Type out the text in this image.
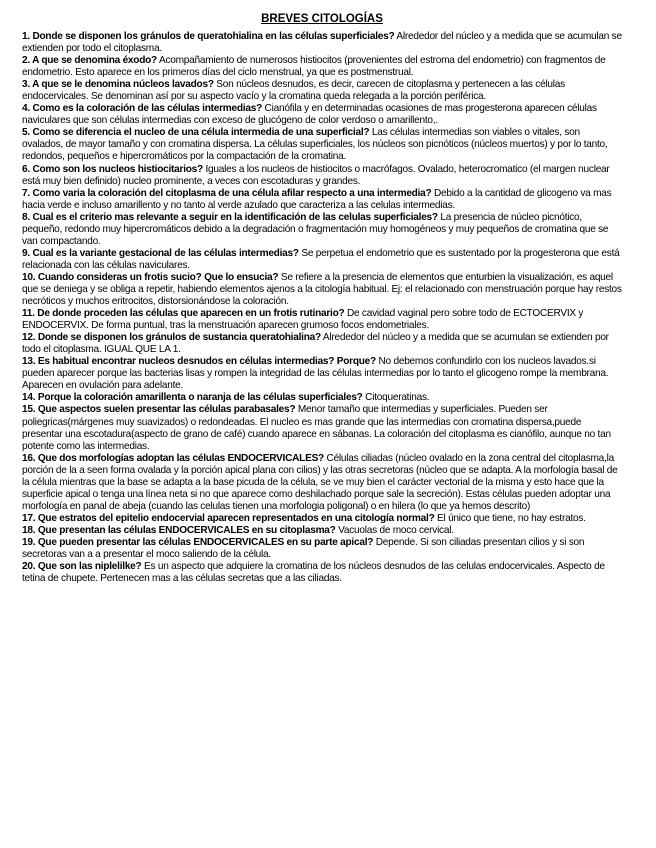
BREVES CITOLOGÍAS

1. Donde se disponen los gránulos de queratohialina en las células superficiales? Alrededor del núcleo y a medida que se acumulan se extienden por todo el citoplasma.

2. A que se denomina éxodo? Acompañamiento de numerosos histiocitos (provenientes del estroma del endometrio) con fragmentos de endometrio. Esto aparece en los primeros días del ciclo menstrual, ya que es postmenstrual.

3. A que se le denomina núcleos lavados? Son núcleos desnudos, es decir, carecen de citoplasma y pertenecen a las células endocervicales. Se denominan así por su aspecto vacío y la cromatina queda relegada a la porción periférica.

4. Como es la coloración de las células intermedias? Cianófila y en determinadas ocasiones de mas progesterona aparecen células naviculares que son células intermedias con exceso de glucógeno de color verdoso o amarillento,.

5. Como se diferencia el nucleo de una célula intermedia de una superficial? Las células intermedias son viables o vitales, son ovalados, de mayor tamaño y con cromatina dispersa. La células superficiales, los núcleos son picnóticos (núcleos muertos) y por lo tanto, redondos, pequeños e hipercromáticos por la compactación de la cromatina.

6. Como son los nucleos histiocitarios? Iguales a los nucleos de histiocitos o macrófagos. Ovalado, heterocromatico (el margen nuclear está muy bien definido) nucleo prominente, a veces con escotaduras y grandes.

7. Como varia la coloración del citoplasma de una célula afilar respecto a una intermedia? Debido a la cantidad de glicogeno va mas hacia verde e incluso amarillento y no tanto al verde azulado que caracteriza a las celulas intermedias.

8. Cual es el criterio mas relevante a seguir en la identificación de las celulas superficiales? La presencia de núcleo picnótico, pequeño, redondo muy hipercromáticos debido a la degradación o fragmentación muy homogéneos y muy pequeños de cromatina que se van compactando.

9. Cual es la variante gestacional de las células intermedias? Se perpetua el endometrio que es sustentado por la progesterona que está relacionada con las células naviculares.

10. Cuando consideras un frotis sucio? Que lo ensucia? Se refiere a la presencia de elementos que enturbien la visualización, es aquel que se deniega y se obliga a repetir, habiendo elementos ajenos a la citología habitual. Ej: el relacionado con menstruación porque hay restos necróticos y muchos eritrocitos, distorsionándose la coloración.

11. De donde proceden las células que aparecen en un frotis rutinario? De cavidad vaginal pero sobre todo de ECTOCERVIX y ENDOCERVIX. De forma puntual, tras la menstruación aparecen grumoso focos endometriales.

12. Donde se disponen los gránulos de sustancia queratohialina? Alrededor del núcleo y a medida que se acumulan se extienden por todo el citoplasma. IGUAL QUE LA 1.

13. Es habitual encontrar nucleos desnudos en células intermedias? Porque? No debemos confundirlo con los nucleos lavados.si pueden aparecer porque las bacterias lisas y rompen la integridad de las células intermedias por lo tanto el glicogeno rompe la membrana. Aparecen en ovulación para adelante.

14. Porque la coloración amarillenta o naranja de las células superficiales? Citoqueratinas.

15. Que aspectos suelen presentar las células parabasales? Menor tamaño que intermedias y superficiales. Pueden ser poliegricas(márgenes muy suavizados) o redondeadas. El nucleo es mas grande que las intermedias con cromatina dispersa,puede presentar una escotadura(aspecto de grano de café) cuando aparece en sábanas. La coloración del citoplasma es cianófilo, aunque no tan potente como las intermedias.

16. Que dos morfologías adoptan las células ENDOCERVICALES? Células ciliadas (núcleo ovalado en la zona central del citoplasma,la porción de la a seen forma ovalada y la porción apical plana con cilios) y las otras secretoras (núcleo que se adapta. A la morfología basal de la célula mientras que la base se adapta a la base picuda de la célula, se ve muy bien el carácter vectorial de la misma y esto hace que la superficie apical o tenga una línea neta si no que aparece como deshilachado porque sale la secreción). Estas células pueden adoptar una morfología en panal de abeja (cuando las celulas tienen una morfologia poligonal) o en hilera (lo que ya hemos descrito)

17. Que estratos del epitelio endocervial aparecen representados en una citología normal? El único que tiene, no hay estratos.

18. Que presentan las células ENDOCERVICALES en su citoplasma? Vacuolas de moco cervical.

19. Que pueden presentar las células ENDOCERVICALES en su parte apical? Depende. Si son ciliadas presentan cilios y si son secretoras van a a presentar el moco saliendo de la célula.

20. Que son las niplelilke? Es un aspecto que adquiere la cromatina de los núcleos desnudos de las celulas endocervicales. Aspecto de tetina de chupete. Pertenecen mas a las células secretas que a las ciliadas.
